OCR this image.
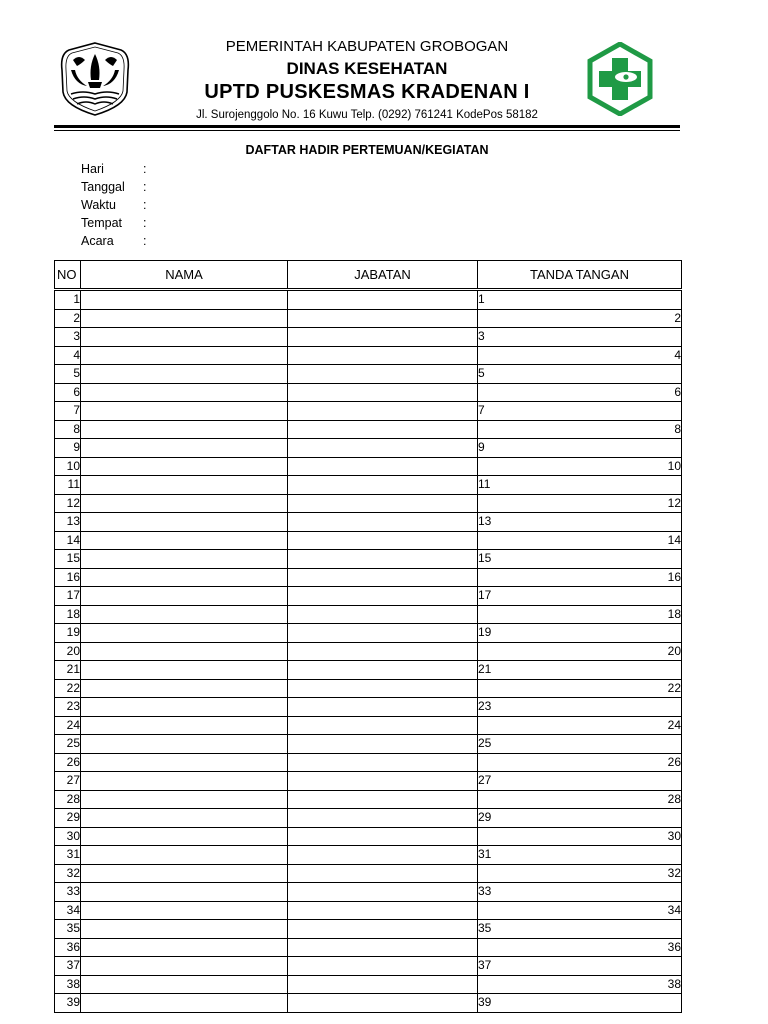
PEMERINTAH KABUPATEN GROBOGAN
DINAS KESEHATAN
UPTD PUSKESMAS KRADENAN I
Jl. Surojenggolo No. 16 Kuwu Telp. (0292) 761241 KodePos 58182
DAFTAR HADIR PERTEMUAN/KEGIATAN
Hari	:
Tanggal :
Waktu :
Tempat :
Acara :
NO	NAMA	JABATAN	TANDA TANGAN
1			1
2			2
3			3
4			4
5			5
6			6
7			7
8			8
9			9
10			10
11			11
12			12
13			13
14			14
15			15
16			16
17			17
18			18
19			19
20			20
21			21
22			22
23			23
24			24
25			25
26			26
27			27
28			28
29			29
30			30
31			31
32			32
33			33
34			34
35			35
36			36
37			37
38			38
39			39
